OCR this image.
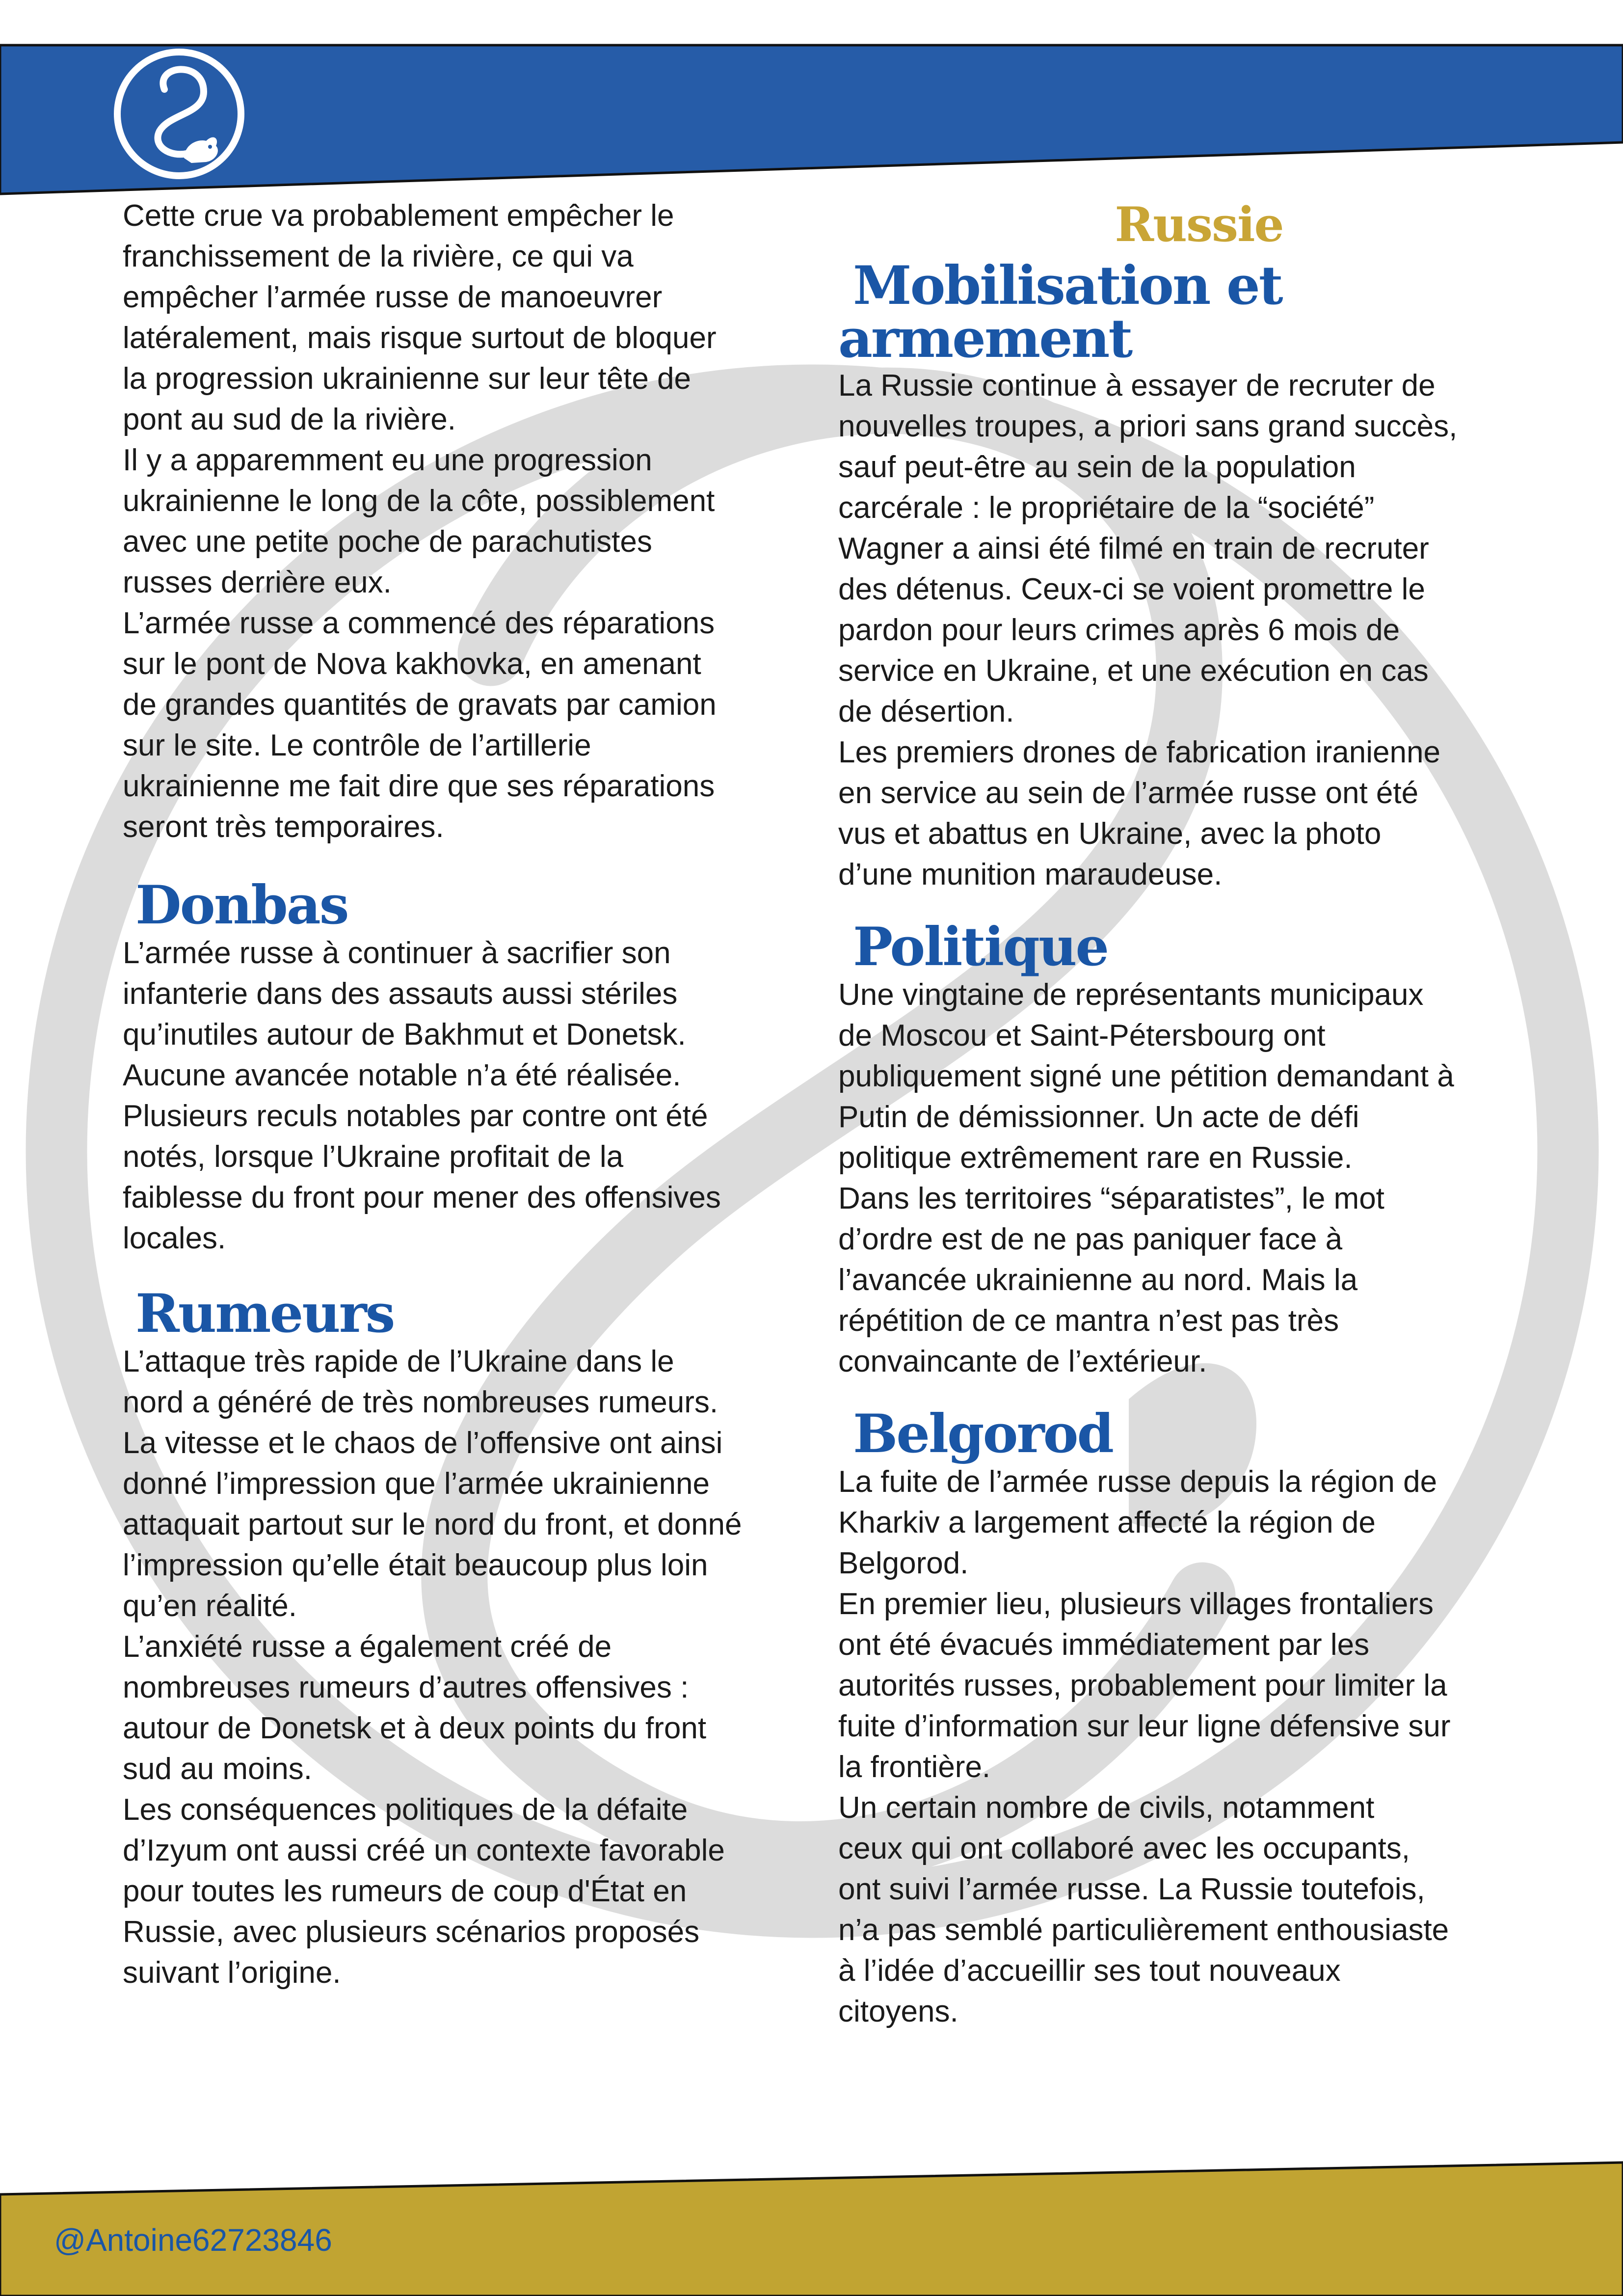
Cette crue va probablement empêcher le
franchissement de la rivière, ce qui va
empêcher l’armée russe de manoeuvrer
latéralement, mais risque surtout de bloquer
la progression ukrainienne sur leur tête de
pont au sud de la rivière.
Il y a apparemment eu une progression
ukrainienne le long de la côte, possiblement
avec une petite poche de parachutistes
russes derrière eux.
L’armée russe a commencé des réparations
sur le pont de Nova kakhovka, en amenant
de grandes quantités de gravats par camion
sur le site. Le contrôle de l’artillerie
ukrainienne me fait dire que ses réparations
seront très temporaires.

Donbas

L’armée russe à continuer à sacrifier son
infanterie dans des assauts aussi stériles
qu’inutiles autour de Bakhmut et Donetsk.
Aucune avancée notable n’a été réalisée.
Plusieurs reculs notables par contre ont été
notés, lorsque l’Ukraine profitait de la
faiblesse du front pour mener des offensives
locales.

Rumeurs

L’attaque très rapide de l’Ukraine dans le
nord a généré de très nombreuses rumeurs.
La vitesse et le chaos de l’offensive ont ainsi
donné l’impression que l’armée ukrainienne
attaquait partout sur le nord du front, et donné
l’impression qu’elle était beaucoup plus loin
qu’en réalité.
L’anxiété russe a également créé de
nombreuses rumeurs d’autres offensives :
autour de Donetsk et à deux points du front
sud au moins.
Les conséquences politiques de la défaite
d’Izyum ont aussi créé un contexte favorable
pour toutes les rumeurs de coup d'État en
Russie, avec plusieurs scénarios proposés
suivant l’origine.

Russie
Mobilisation et
armement

La Russie continue à essayer de recruter de
nouvelles troupes, a priori sans grand succès,
sauf peut-être au sein de la population
carcérale : le propriétaire de la “société”
Wagner a ainsi été filmé en train de recruter
des détenus. Ceux-ci se voient promettre le
pardon pour leurs crimes après 6 mois de
service en Ukraine, et une exécution en cas
de désertion.
Les premiers drones de fabrication iranienne
en service au sein de l’armée russe ont été
vus et abattus en Ukraine, avec la photo
d’une munition maraudeuse.

Politique

Une vingtaine de représentants municipaux
de Moscou et Saint-Pétersbourg ont
publiquement signé une pétition demandant à
Putin de démissionner. Un acte de défi
politique extrêmement rare en Russie.
Dans les territoires “séparatistes”, le mot
d’ordre est de ne pas paniquer face à
l’avancée ukrainienne au nord. Mais la
répétition de ce mantra n’est pas très
convaincante de l’extérieur.

Belgorod

La fuite de l’armée russe depuis la région de
Kharkiv a largement affecté la région de
Belgorod.
En premier lieu, plusieurs villages frontaliers
ont été évacués immédiatement par les
autorités russes, probablement pour limiter la
fuite d’information sur leur ligne défensive sur
la frontière.
Un certain nombre de civils, notamment
ceux qui ont collaboré avec les occupants,
ont suivi l’armée russe. La Russie toutefois,
n’a pas semblé particulièrement enthousiaste
à l’idée d’accueillir ses tout nouveaux
citoyens.

@Antoine62723846
